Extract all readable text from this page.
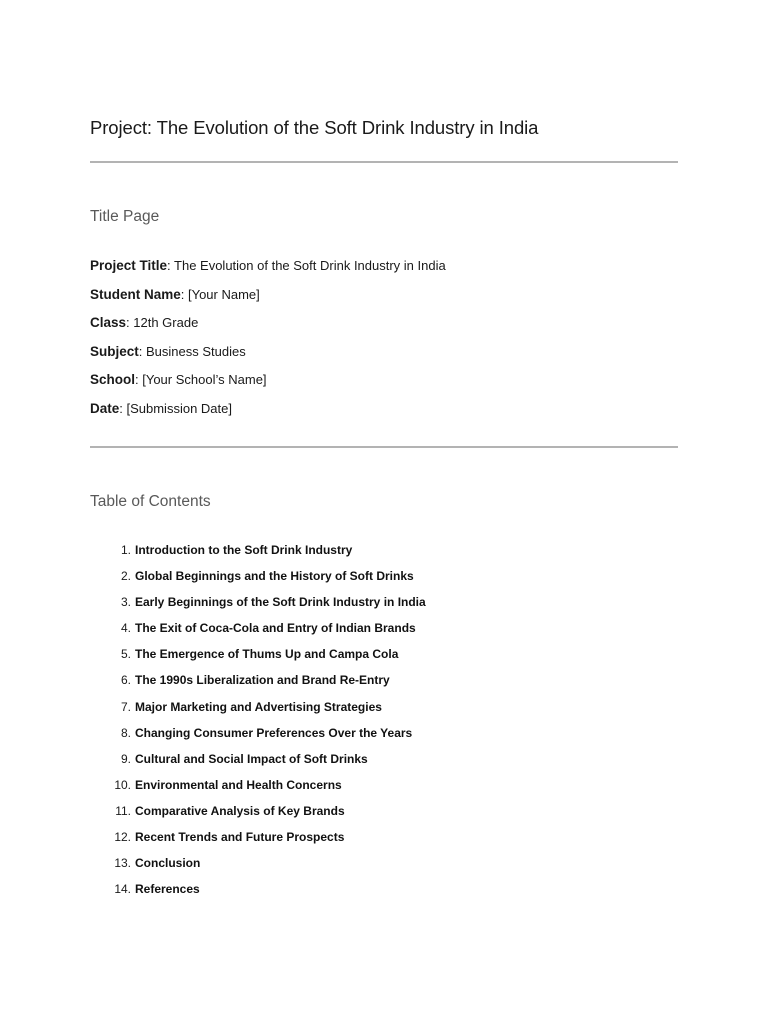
Project: The Evolution of the Soft Drink Industry in India
Title Page
Project Title: The Evolution of the Soft Drink Industry in India
Student Name: [Your Name]
Class: 12th Grade
Subject: Business Studies
School: [Your School’s Name]
Date: [Submission Date]
Table of Contents
1. Introduction to the Soft Drink Industry
2. Global Beginnings and the History of Soft Drinks
3. Early Beginnings of the Soft Drink Industry in India
4. The Exit of Coca-Cola and Entry of Indian Brands
5. The Emergence of Thums Up and Campa Cola
6. The 1990s Liberalization and Brand Re-Entry
7. Major Marketing and Advertising Strategies
8. Changing Consumer Preferences Over the Years
9. Cultural and Social Impact of Soft Drinks
10. Environmental and Health Concerns
11. Comparative Analysis of Key Brands
12. Recent Trends and Future Prospects
13. Conclusion
14. References
